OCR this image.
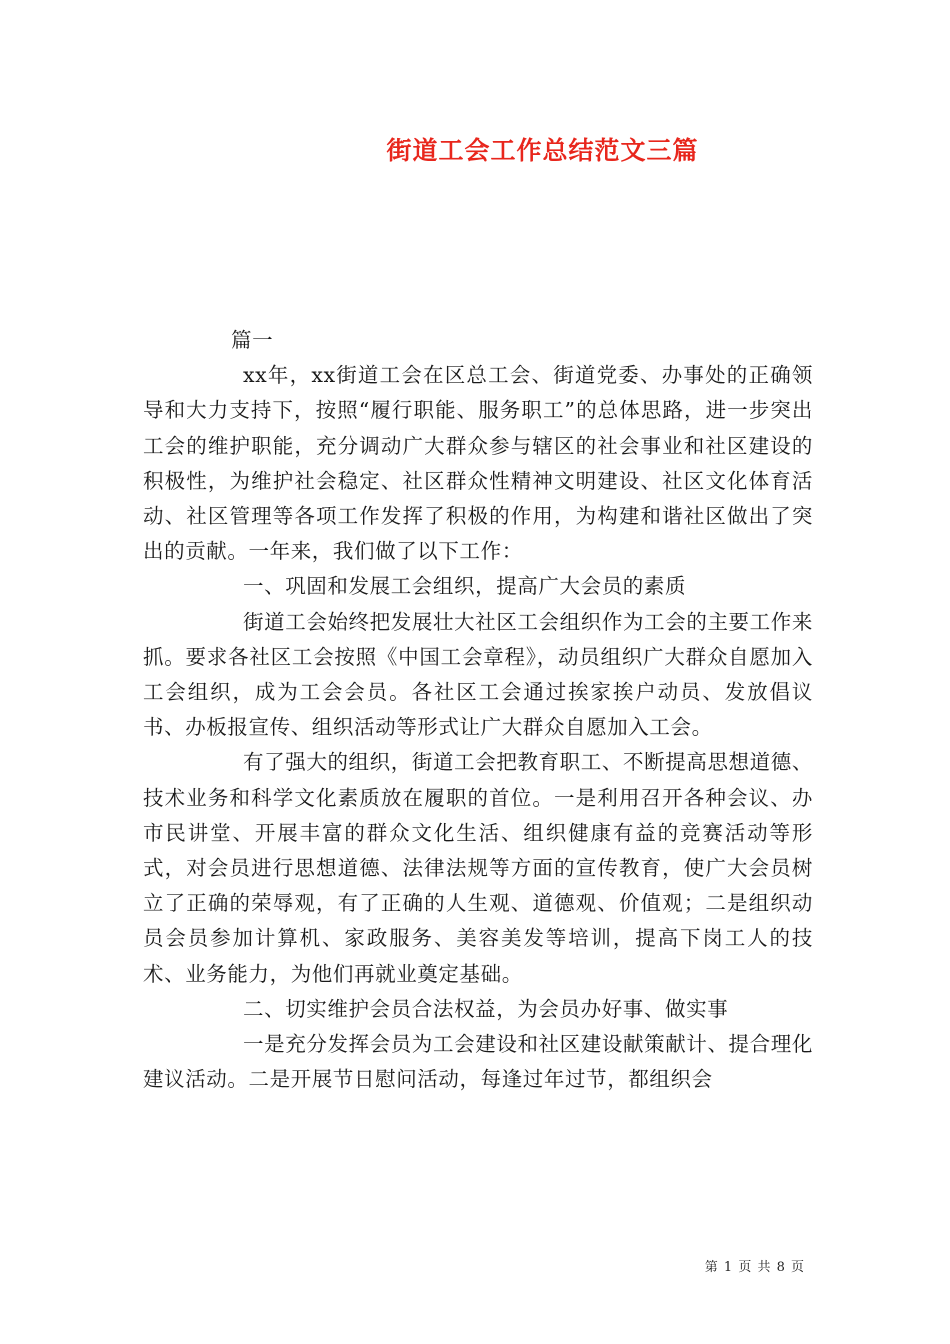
街道工会工作总结范文三篇

篇一

xx年，xx街道工会在区总工会、街道党委、办事处的正确领导和大力支持下，按照“履行职能、服务职工”的总体思路，进一步突出工会的维护职能，充分调动广大群众参与辖区的社会事业和社区建设的积极性，为维护社会稳定、社区群众性精神文明建设、社区文化体育活动、社区管理等各项工作发挥了积极的作用，为构建和谐社区做出了突出的贡献。一年来，我们做了以下工作：

一、巩固和发展工会组织，提高广大会员的素质

街道工会始终把发展壮大社区工会组织作为工会的主要工作来抓。要求各社区工会按照《中国工会章程》，动员组织广大群众自愿加入工会组织，成为工会会员。各社区工会通过挨家挨户动员、发放倡议书、办板报宣传、组织活动等形式让广大群众自愿加入工会。

有了强大的组织，街道工会把教育职工、不断提高思想道德、技术业务和科学文化素质放在履职的首位。一是利用召开各种会议、办市民讲堂、开展丰富的群众文化生活、组织健康有益的竞赛活动等形式，对会员进行思想道德、法律法规等方面的宣传教育，使广大会员树立了正确的荣辱观，有了正确的人生观、道德观、价值观；二是组织动员会员参加计算机、家政服务、美容美发等培训，提高下岗工人的技术、业务能力，为他们再就业奠定基础。

二、切实维护会员合法权益，为会员办好事、做实事

一是充分发挥会员为工会建设和社区建设献策献计、提合理化建议活动。二是开展节日慰问活动，每逢过年过节，都组织会

第 1 页 共 8 页
